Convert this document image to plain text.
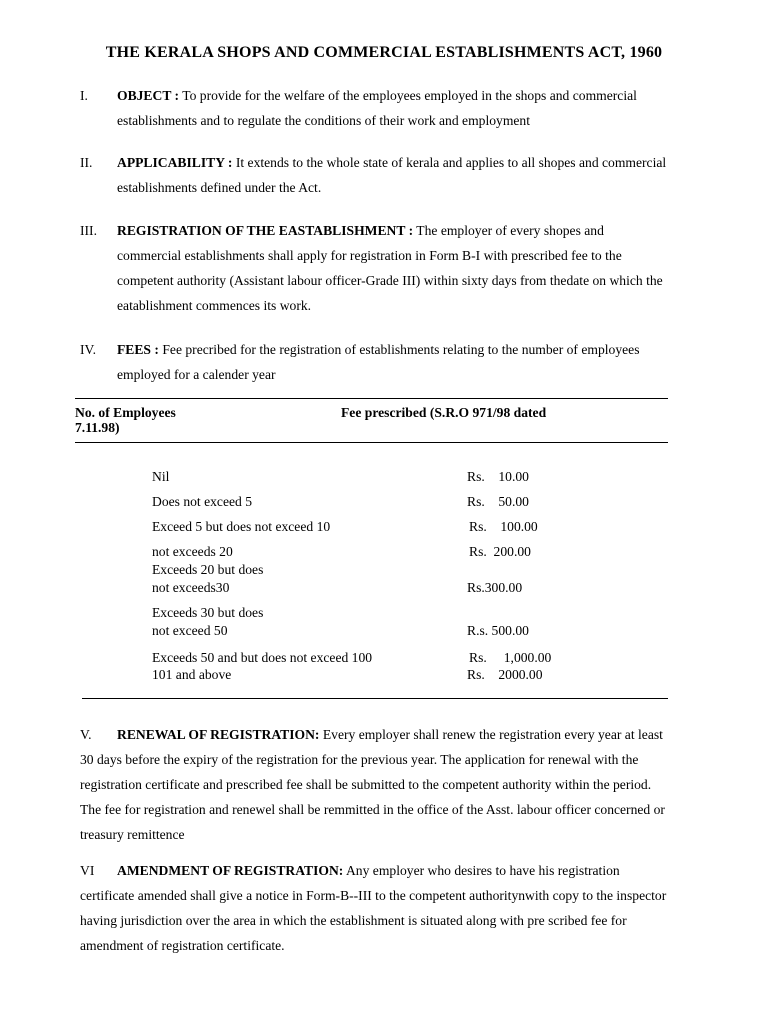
THE KERALA SHOPS AND COMMERCIAL ESTABLISHMENTS ACT, 1960
I. OBJECT : To provide for the welfare of the employees employed in the shops and commercial establishments and to regulate the conditions of their work and employment
II. APPLICABILITY : It extends to the whole state of kerala and applies to all shopes and commercial establishments defined under the Act.
III. REGISTRATION OF THE EASTABLISHMENT : The employer of every shopes and commercial establishments shall apply for registration in Form B-I with prescribed fee to the competent authority (Assistant labour officer-Grade III) within sixty days from thedate on which the eatablishment commences its work.
IV. FEES : Fee precribed for the registration of establishments relating to the number of employees employed for a calender year
No. of Employees	Fee prescribed (S.R.O 971/98 dated
7.11.98)
Nil	Rs.    10.00
Does not exceed 5	Rs.    50.00
Exceed 5 but does not exceed 10	Rs.    100.00
not exceeds 20	Rs.  200.00
Exceeds 20 but does
not exceeds30	Rs.300.00
Exceeds 30 but does
not exceed 50	R.s. 500.00
Exceeds 50 and but does not exceed 100	Rs.     1,000.00
101 and above	Rs.    2000.00
V.	RENEWAL OF REGISTRATION: Every employer shall renew the registration every year at least 30 days before the expiry of the registration for the previous year. The application for renewal with the registration certificate and prescribed fee shall be submitted to the competent authority within the period. The fee for registration and renewel shall be remmitted in the office of the Asst. labour officer concerned or treasury remittence
VI	AMENDMENT OF REGISTRATION: Any employer who desires to have his registration certificate amended shall give a notice in Form-B--III to the competent authoritynwith copy to the inspector having jurisdiction over the area in which the establishment is situated along with pre scribed fee for amendment of registration certificate.
